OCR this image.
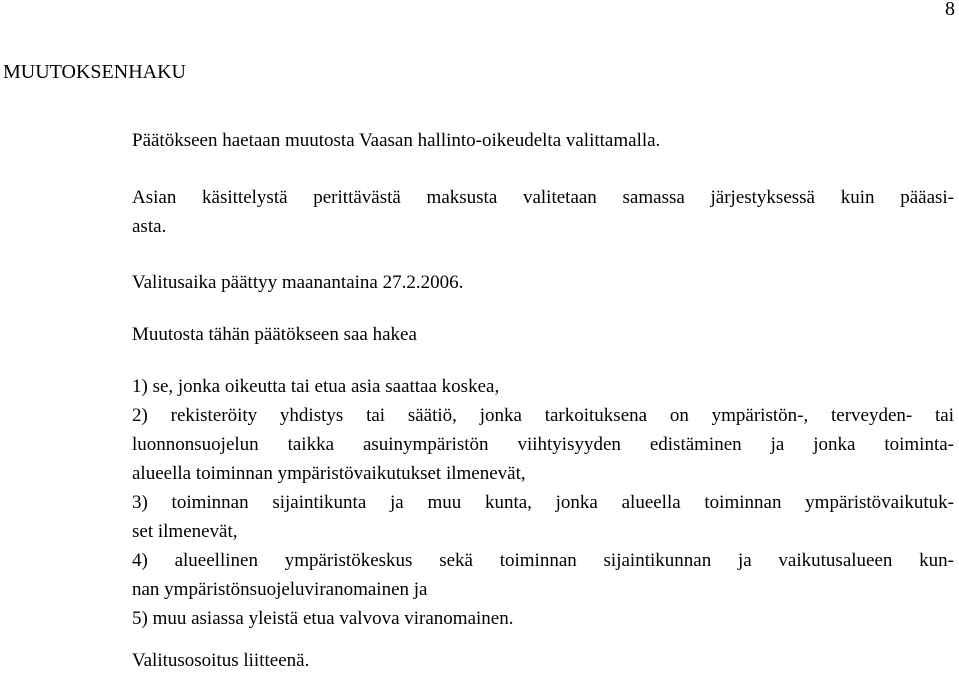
8
MUUTOKSENHAKU
Päätökseen haetaan muutosta Vaasan hallinto-oikeudelta valittamalla.
Asian käsittelystä perittävästä maksusta valitetaan samassa järjestyksessä kuin pääasi-
asta.
Valitusaika päättyy maanantaina 27.2.2006.
Muutosta tähän päätökseen saa hakea
1) se, jonka oikeutta tai etua asia saattaa koskea,
2) rekisteröity yhdistys tai säätiö, jonka tarkoituksena on ympäristön-, terveyden- tai
luonnonsuojelun taikka asuinympäristön viihtyisyyden edistäminen ja jonka toiminta-
alueella toiminnan ympäristövaikutukset ilmenevät,
3) toiminnan sijaintikunta ja muu kunta, jonka alueella toiminnan ympäristövaikutuk-
set ilmenevät,
4) alueellinen ympäristökeskus sekä toiminnan sijaintikunnan ja vaikutusalueen kun-
nan ympäristönsuojeluviranomainen ja
5) muu asiassa yleistä etua valvova viranomainen.
Valitusosoitus liitteenä.
